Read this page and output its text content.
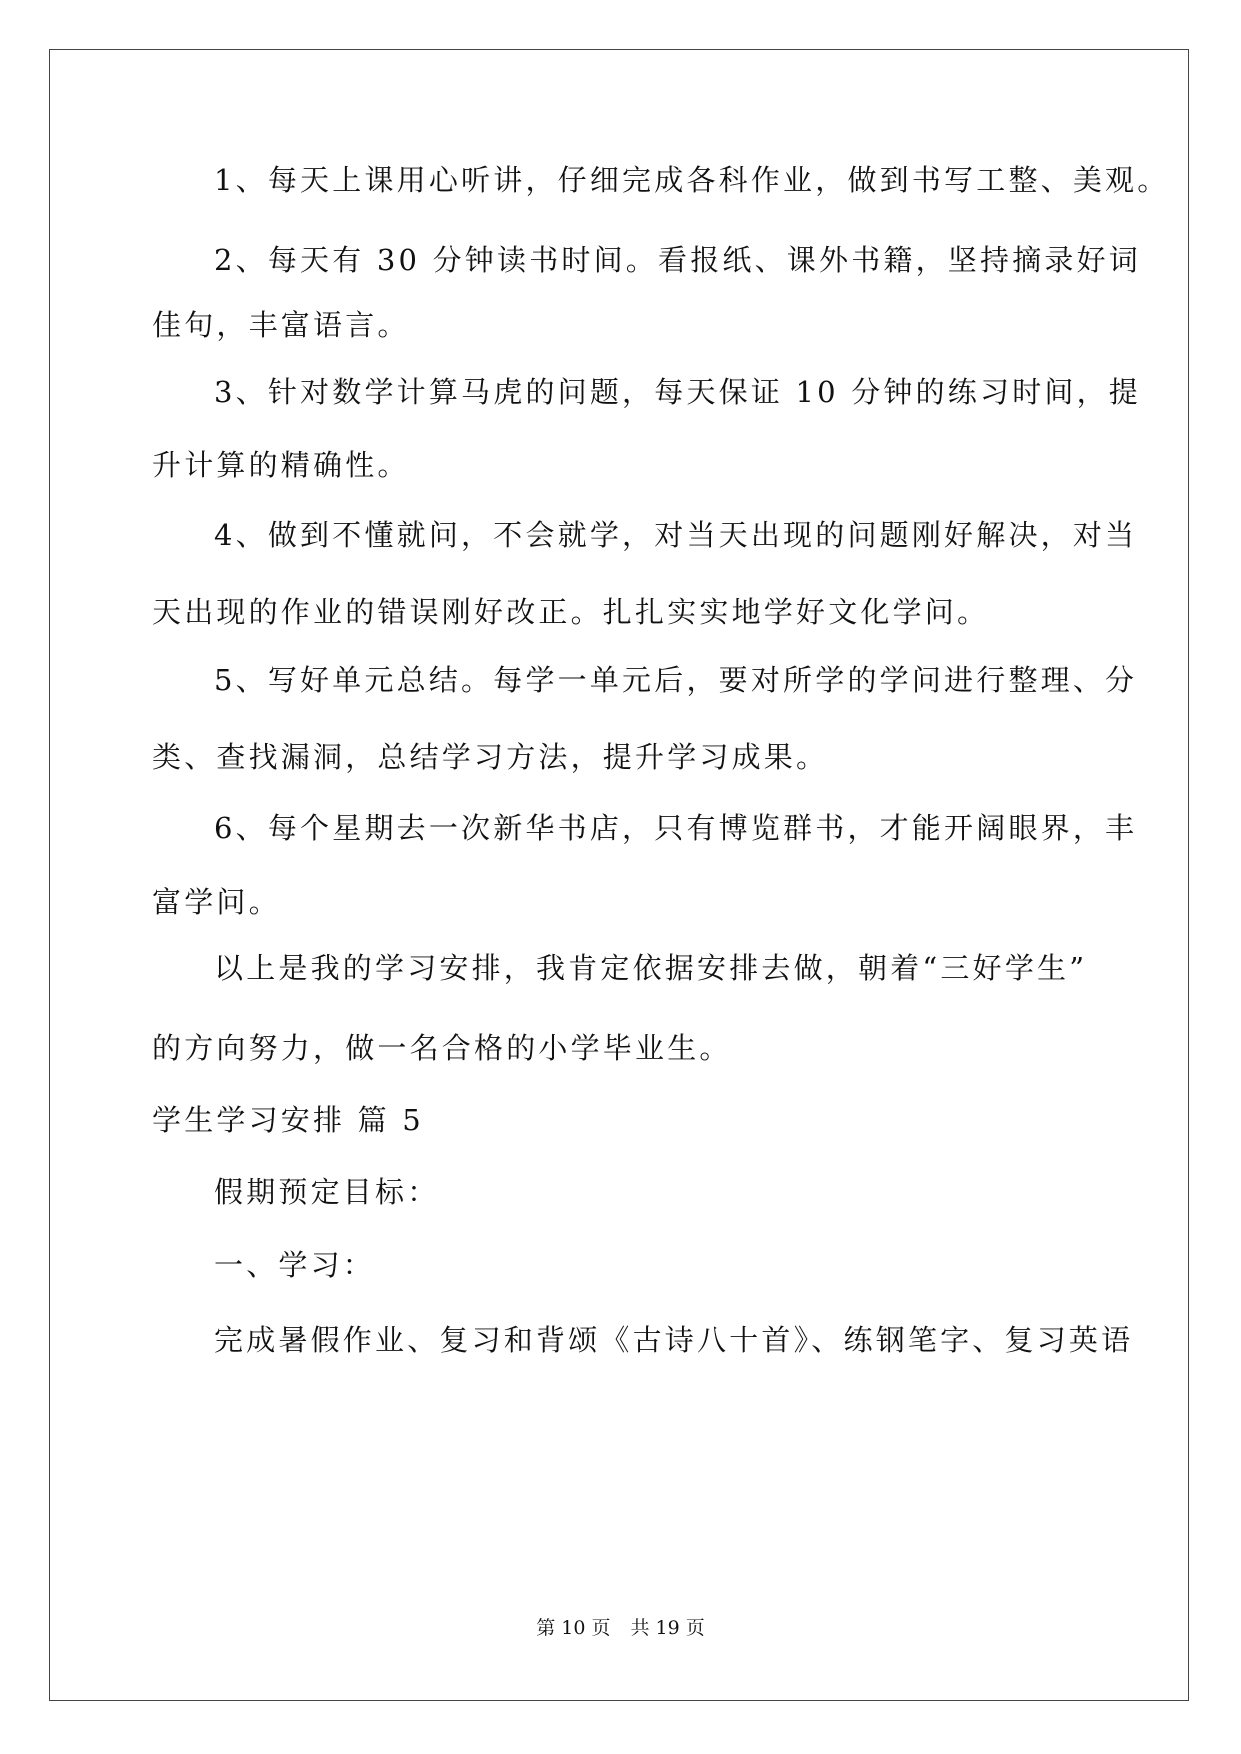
1、每天上课用心听讲，仔细完成各科作业，做到书写工整、美观。
2、每天有 30 分钟读书时间。看报纸、课外书籍，坚持摘录好词
佳句，丰富语言。
3、针对数学计算马虎的问题，每天保证 10 分钟的练习时间，提
升计算的精确性。
4、做到不懂就问，不会就学，对当天出现的问题刚好解决，对当
天出现的作业的错误刚好改正。扎扎实实地学好文化学问。
5、写好单元总结。每学一单元后，要对所学的学问进行整理、分
类、查找漏洞，总结学习方法，提升学习成果。
6、每个星期去一次新华书店，只有博览群书，才能开阔眼界，丰
富学问。
以上是我的学习安排，我肯定依据安排去做，朝着“三好学生”
的方向努力，做一名合格的小学毕业生。
学生学习安排 篇 5
假期预定目标：
一、学习：
完成暑假作业、复习和背颂《古诗八十首》、练钢笔字、复习英语
第 10 页 共 19 页
